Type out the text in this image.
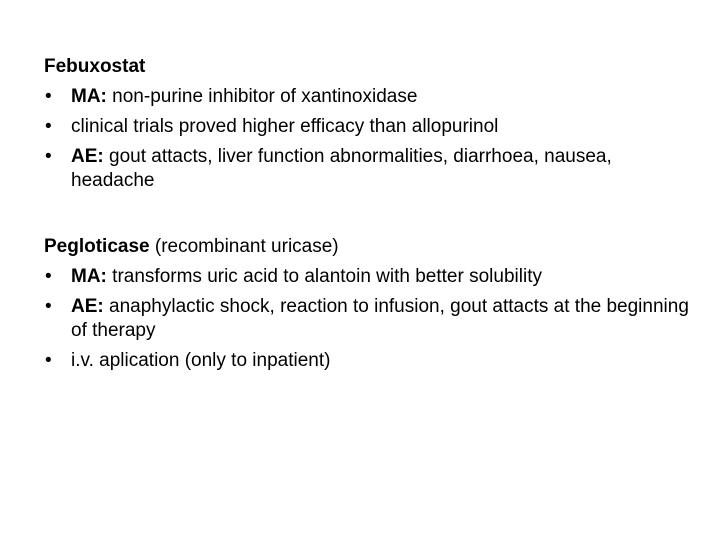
Febuxostat
• MA: non-purine inhibitor of xantinoxidase
• clinical trials proved higher efficacy than allopurinol
• AE: gout attacts, liver function abnormalities, diarrhoea, nausea, headache
Pegloticase (recombinant uricase)
• MA: transforms uric acid to alantoin with better solubility
• AE: anaphylactic shock, reaction to infusion, gout attacts at the beginning of therapy
• i.v. aplication (only to inpatient)
